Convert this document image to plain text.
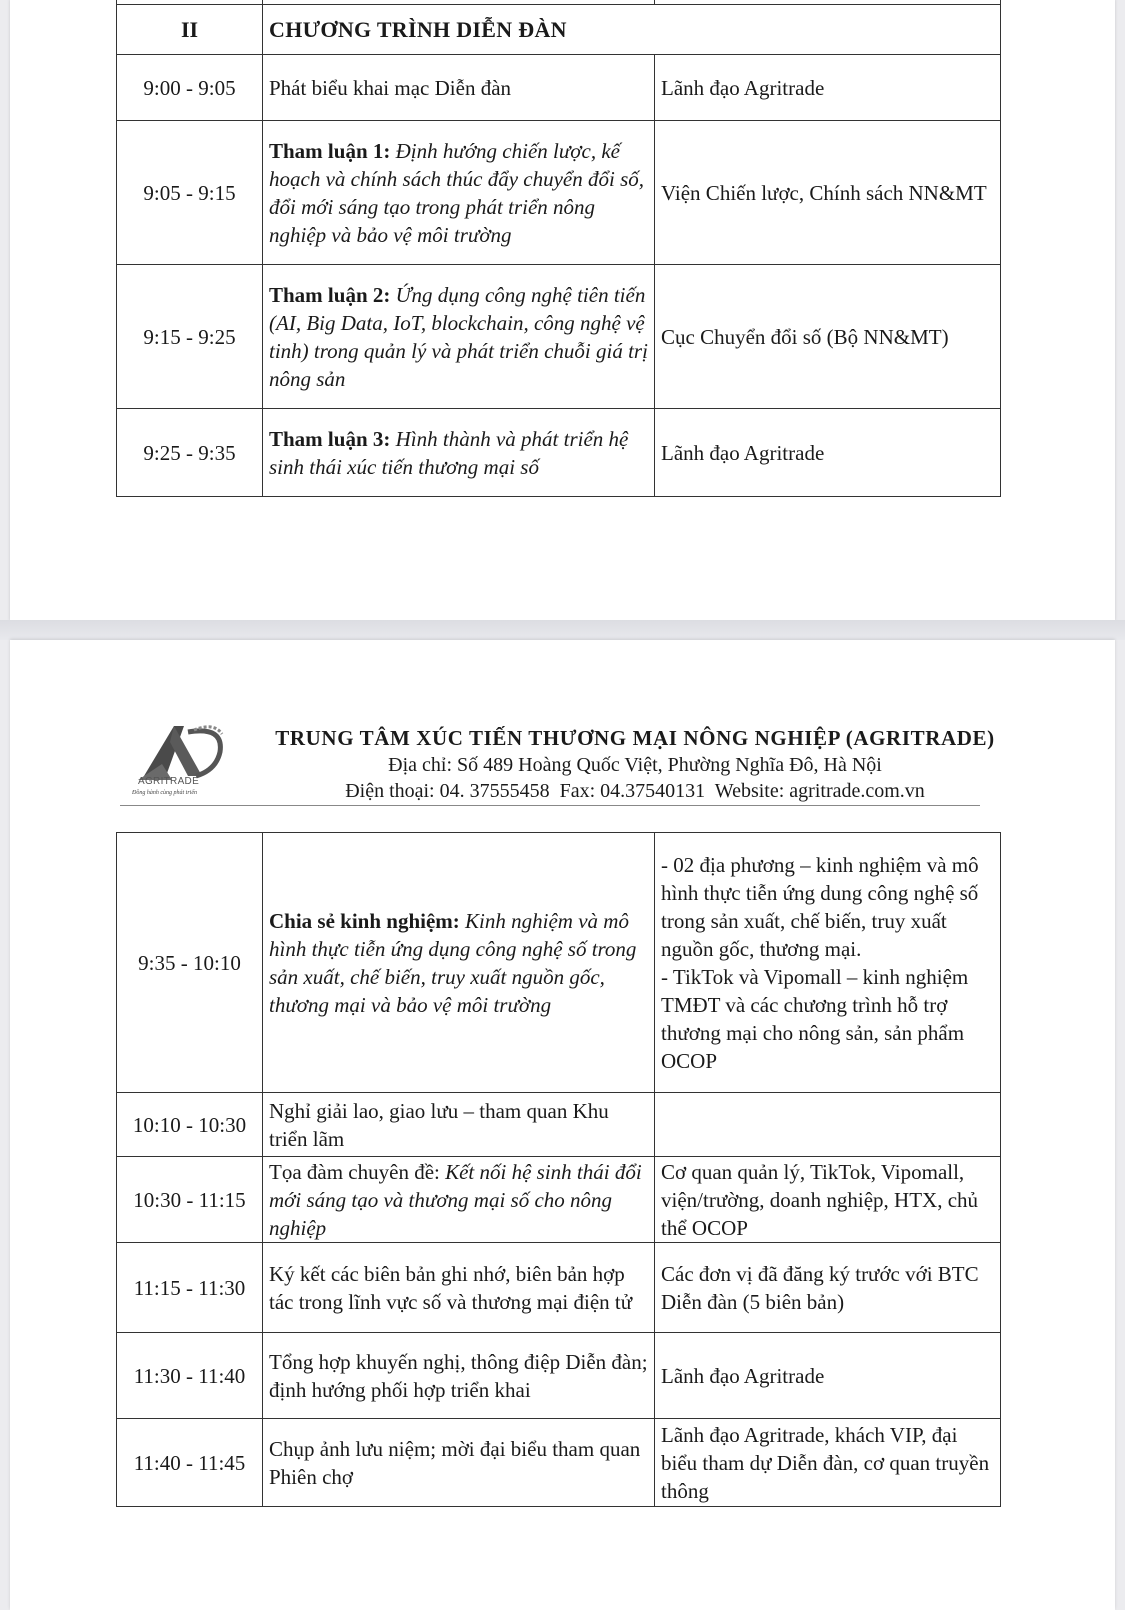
II	CHƯƠNG TRÌNH DIỄN ĐÀN	
9:00 - 9:05	Phát biểu khai mạc Diễn đàn	Lãnh đạo Agritrade
9:05 - 9:15	Tham luận 1: Định hướng chiến lược, kế hoạch và chính sách thúc đẩy chuyển đổi số, đổi mới sáng tạo trong phát triển nông nghiệp và bảo vệ môi trường	Viện Chiến lược, Chính sách NN&MT
9:15 - 9:25	Tham luận 2: Ứng dụng công nghệ tiên tiến (AI, Big Data, IoT, blockchain, công nghệ vệ tinh) trong quản lý và phát triển chuỗi giá trị nông sản	Cục Chuyển đổi số (Bộ NN&MT)
9:25 - 9:35	Tham luận 3: Hình thành và phát triển hệ sinh thái xúc tiến thương mại số	Lãnh đạo Agritrade
AGRITRADE
Đồng hành cùng phát triển
TRUNG TÂM XÚC TIẾN THƯƠNG MẠI NÔNG NGHIỆP (AGRITRADE)
Địa chỉ: Số 489 Hoàng Quốc Việt, Phường Nghĩa Đô, Hà Nội
Điện thoại: 04. 37555458  Fax: 04.37540131  Website: agritrade.com.vn
9:35 - 10:10	Chia sẻ kinh nghiệm: Kinh nghiệm và mô hình thực tiễn ứng dụng công nghệ số trong sản xuất, chế biến, truy xuất nguồn gốc, thương mại và bảo vệ môi trường	- 02 địa phương – kinh nghiệm và mô hình thực tiễn ứng dung công nghệ số trong sản xuất, chế biến, truy xuất nguồn gốc, thương mại.
- TikTok và Vipomall – kinh nghiệm TMĐT và các chương trình hỗ trợ thương mại cho nông sản, sản phẩm OCOP
10:10 - 10:30	Nghỉ giải lao, giao lưu – tham quan Khu triển lãm	
10:30 - 11:15	Tọa đàm chuyên đề: Kết nối hệ sinh thái đổi mới sáng tạo và thương mại số cho nông nghiệp	Cơ quan quản lý, TikTok, Vipomall, viện/trường, doanh nghiệp, HTX, chủ thể OCOP
11:15 - 11:30	Ký kết các biên bản ghi nhớ, biên bản hợp tác trong lĩnh vực số và thương mại điện tử	Các đơn vị đã đăng ký trước với BTC Diễn đàn (5 biên bản)
11:30 - 11:40	Tổng hợp khuyến nghị, thông điệp Diễn đàn; định hướng phối hợp triển khai	Lãnh đạo Agritrade
11:40 - 11:45	Chụp ảnh lưu niệm; mời đại biểu tham quan Phiên chợ	Lãnh đạo Agritrade, khách VIP, đại biểu tham dự Diễn đàn, cơ quan truyền thông
